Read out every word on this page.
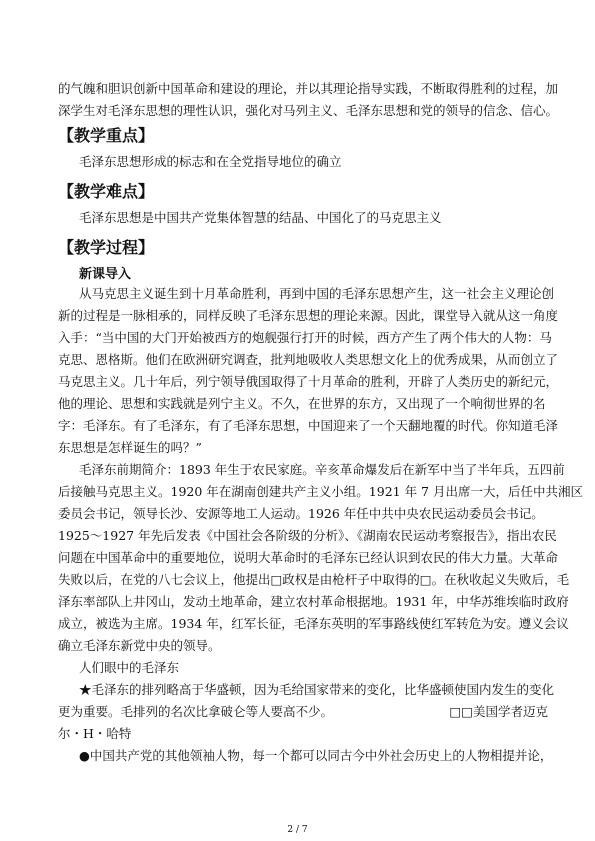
的气魄和胆识创新中国革命和建设的理论，并以其理论指导实践，不断取得胜利的过程，加
深学生对毛泽东思想的理性认识，强化对马列主义、毛泽东思想和党的领导的信念、信心。
【教学重点】
毛泽东思想形成的标志和在全党指导地位的确立
【教学难点】
毛泽东思想是中国共产党集体智慧的结晶、中国化了的马克思主义
【教学过程】
新课导入
从马克思主义诞生到十月革命胜利，再到中国的毛泽东思想产生，这一社会主义理论创
新的过程是一脉相承的，同样反映了毛泽东思想的理论来源。因此，课堂导入就从这一角度
入手：“当中国的大门开始被西方的炮舰强行打开的时候，西方产生了两个伟大的人物：马
克思、恩格斯。他们在欧洲研究调查，批判地吸收人类思想文化上的优秀成果，从而创立了
马克思主义。几十年后，列宁领导俄国取得了十月革命的胜利，开辟了人类历史的新纪元，
他的理论、思想和实践就是列宁主义。不久，在世界的东方，又出现了一个响彻世界的名
字：毛泽东。有了毛泽东，有了毛泽东思想，中国迎来了一个天翻地覆的时代。你知道毛泽
东思想是怎样诞生的吗？”
毛泽东前期简介：1893 年生于农民家庭。辛亥革命爆发后在新军中当了半年兵，五四前
后接触马克思主义。1920 年在湖南创建共产主义小组。1921 年 7 月出席一大，后任中共湘区
委员会书记，领导长沙、安源等地工人运动。1926 年任中共中央农民运动委员会书记。
1925～1927 年先后发表《中国社会各阶级的分析》、《湖南农民运动考察报告》，指出农民
问题在中国革命中的重要地位，说明大革命时的毛泽东已经认识到农民的伟大力量。大革命
失败以后，在党的八七会议上，他提出□政权是由枪杆子中取得的□。在秋收起义失败后，毛
泽东率部队上井冈山，发动土地革命，建立农村革命根据地。1931 年，中华苏维埃临时政府
成立，被选为主席。1934 年，红军长征，毛泽东英明的军事路线使红军转危为安。遵义会议
确立毛泽东新党中央的领导。
人们眼中的毛泽东
★毛泽东的排列略高于华盛顿，因为毛给国家带来的变化，比华盛顿使国内发生的变化
更为重要。毛排列的名次比拿破仑等人要高不少。	□□美国学者迈克
尔・H・哈特
●中国共产党的其他领袖人物，每一个都可以同古今中外社会历史上的人物相提并论，
2 / 7
